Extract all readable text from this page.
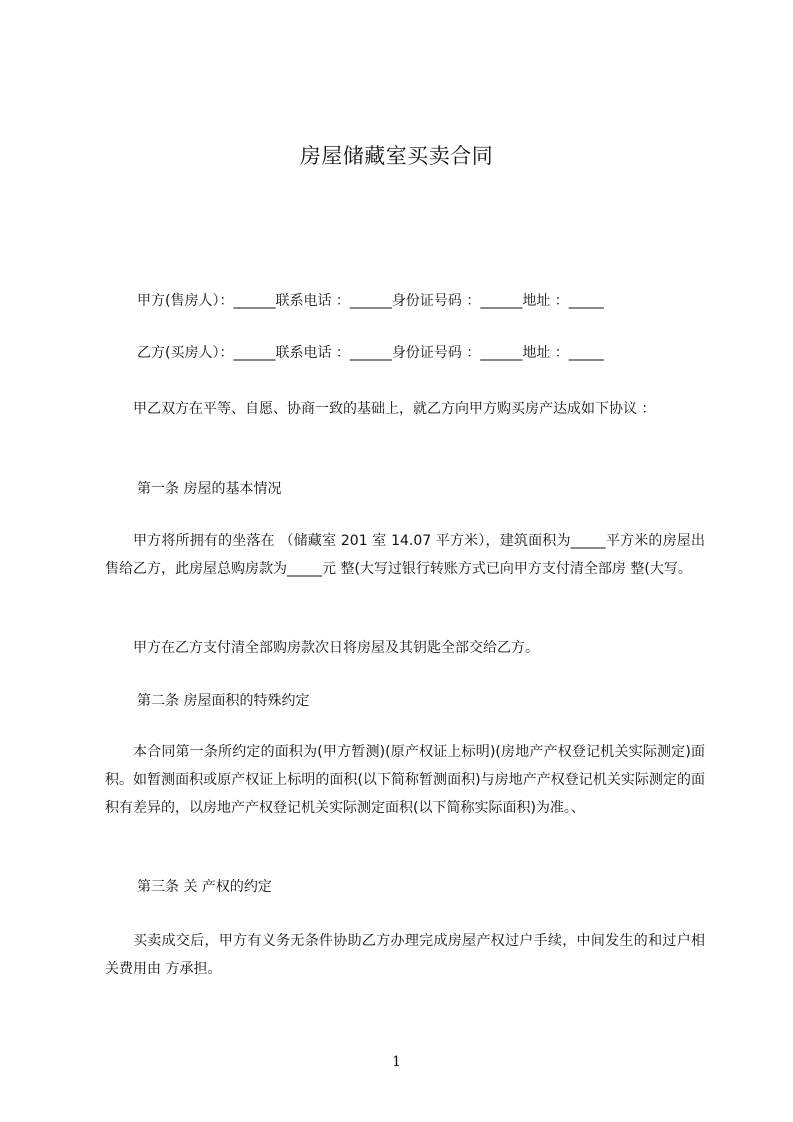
房屋储藏室买卖合同
甲方(售房人）：______联系电话 ：______身份证号码 ：______地址 ：_____
乙方(买房人）：______联系电话 ：______身份证号码 ：______地址 ：_____
甲乙双方在平等、自愿、协商一致的基础上，就乙方向甲方购买房产达成如下协议 ：
第一条 房屋的基本情况
甲方将所拥有的坐落在 （储藏室 201 室 14.07 平方米），建筑面积为_____平方米的房屋出售给乙方，此房屋总购房款为_____元 整(大写过银行转账方式已向甲方支付清全部房 整(大写。
甲方在乙方支付清全部购房款次日将房屋及其钥匙全部交给乙方。
第二条 房屋面积的特殊约定
本合同第一条所约定的面积为(甲方暂测)(原产权证上标明)(房地产产权登记机关实际测定)面积。如暂测面积或原产权证上标明的面积(以下简称暂测面积)与房地产产权登记机关实际测定的面积有差异的，以房地产产权登记机关实际测定面积(以下简称实际面积)为准。、
第三条 关 产权的约定
买卖成交后，甲方有义务无条件协助乙方办理完成房屋产权过户手续，中间发生的和过户相关费用由 方承担。
1
